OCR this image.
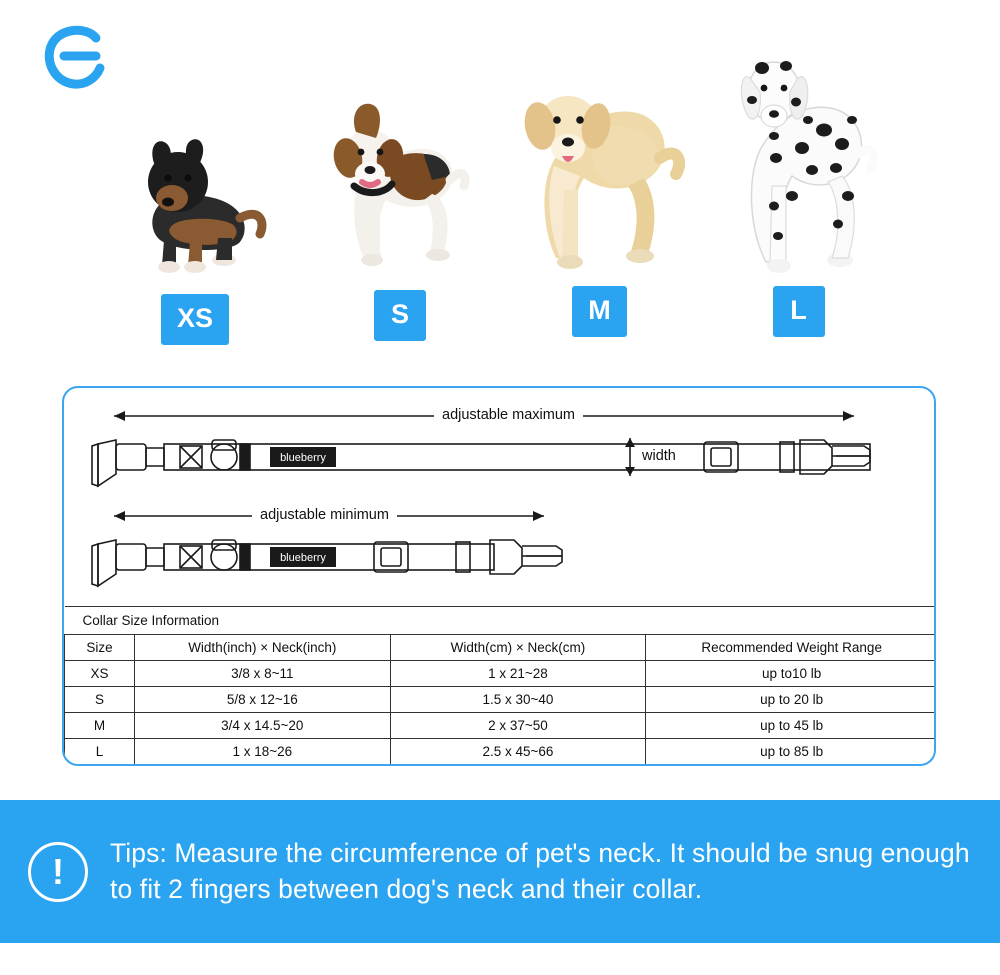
XS	S	M	L
blueberry
blueberry
adjustable maximum
adjustable minimum
width
Collar Size Information			
Size	Width(inch) × Neck(inch)	Width(cm) × Neck(cm)	Recommended Weight Range
XS	3/8 x 8~11	1 x 21~28	up to10 lb
S	5/8 x 12~16	1.5 x 30~40	up to 20 lb
M	3/4 x 14.5~20	2 x 37~50	up to 45 lb
L	1 x 18~26	2.5 x 45~66	up to 85 lb
!	Tips: Measure the circumference of pet's neck. It should be snug enough to fit 2 fingers between dog's neck and their collar.
